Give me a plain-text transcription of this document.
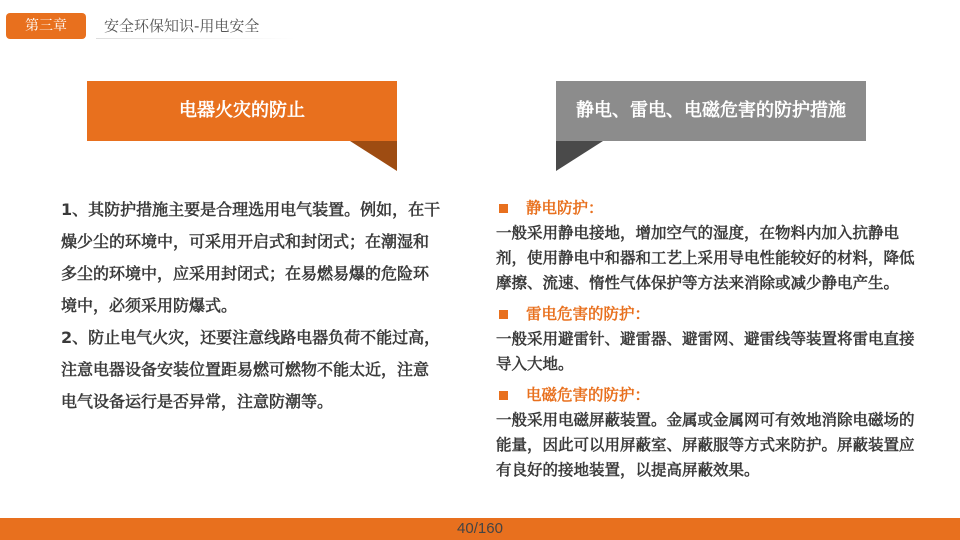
第三章	安全环保知识-用电安全
电器火灾的防止	静电、雷电、电磁危害的防护措施

1、其防护措施主要是合理选用电气装置。例如，在干燥少尘的环境中，可采用开启式和封闭式；在潮湿和多尘的环境中，应采用封闭式；在易燃易爆的危险环境中，必须采用防爆式。

2、防止电气火灾，还要注意线路电器负荷不能过高，注意电器设备安装位置距易燃可燃物不能太近，注意电气设备运行是否异常，注意防潮等。

静电防护：

一般采用静电接地，增加空气的湿度，在物料内加入抗静电剂，使用静电中和器和工艺上采用导电性能较好的材料，降低摩擦、流速、惰性气体保护等方法来消除或减少静电产生。

雷电危害的防护：

一般采用避雷针、避雷器、避雷网、避雷线等装置将雷电直接导入大地。

电磁危害的防护：

一般采用电磁屏蔽装置。金属或金属网可有效地消除电磁场的能量，因此可以用屏蔽室、屏蔽服等方式来防护。屏蔽装置应有良好的接地装置，以提高屏蔽效果。

40/160
